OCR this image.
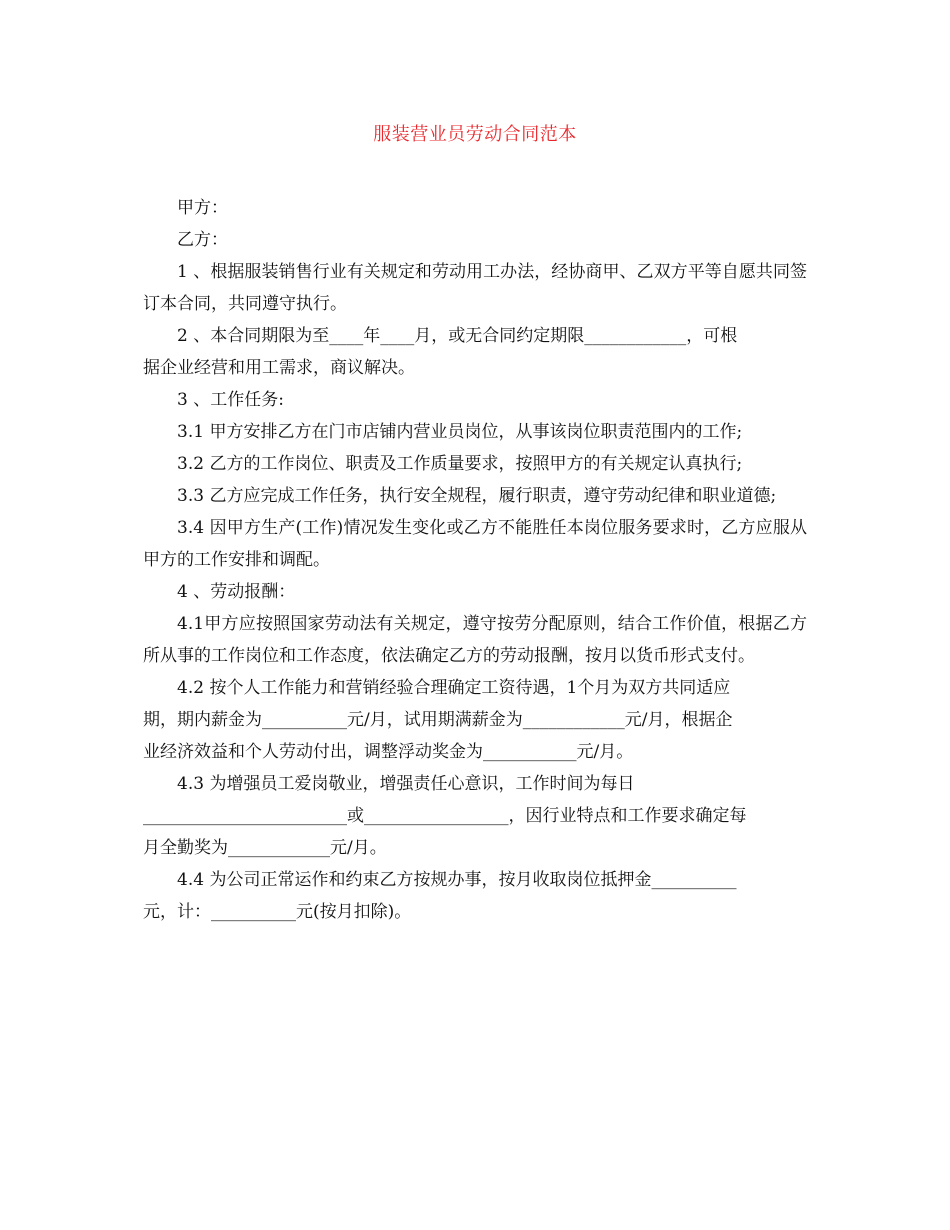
服装营业员劳动合同范本

甲方：

乙方：

1 、根据服装销售行业有关规定和劳动用工办法，经协商甲、乙双方平等自愿共同签订本合同，共同遵守执行。

2 、本合同期限为至____年____月，或无合同约定期限____________，可根
据企业经营和用工需求，商议解决。

3 、工作任务:

3.1 甲方安排乙方在门市店铺内营业员岗位，从事该岗位职责范围内的工作;

3.2 乙方的工作岗位、职责及工作质量要求，按照甲方的有关规定认真执行;

3.3 乙方应完成工作任务，执行安全规程，履行职责，遵守劳动纪律和职业道德;

3.4 因甲方生产(工作)情况发生变化或乙方不能胜任本岗位服务要求时，乙方应服从甲方的工作安排和调配。

4 、劳动报酬：

4.1甲方应按照国家劳动法有关规定，遵守按劳分配原则，结合工作价值，根据乙方所从事的工作岗位和工作态度，依法确定乙方的劳动报酬，按月以货币形式支付。

4.2 按个人工作能力和营销经验合理确定工资待遇，1个月为双方共同适应
期，期内薪金为__________元/月，试用期满薪金为____________元/月，根据企
业经济效益和个人劳动付出，调整浮动奖金为___________元/月。
4.3 为增强员工爱岗敬业，增强责任心意识，工作时间为每日
________________________或_________________，因行业特点和工作要求确定每
月全勤奖为____________元/月。
4.4 为公司正常运作和约束乙方按规办事，按月收取岗位抵押金__________
元，计：__________元(按月扣除)。
